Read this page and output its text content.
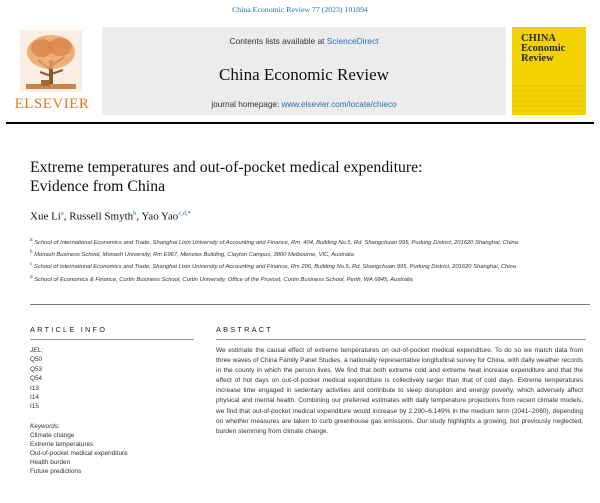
China Economic Review 77 (2023) 101894
ELSEVIER
Contents lists available at ScienceDirect
China Economic Review
journal homepage: www.elsevier.com/locate/chieco
CHINA
Economic
Review
Extreme temperatures and out-of-pocket medical expenditure:
Evidence from China
Xue Li$^a$, Russell Smyth$^b$, Yao Yao$^{c,d,*}$
$^a$ School of International Economics and Trade, Shanghai Lixin University of Accounting and Finance, Rm. 404, Building No.5, Rd. Shangchuan 995, Pudong District, 201620 Shanghai, China
$^b$ Monash Business School, Monash University, Rm E967, Menzies Building, Clayton Campus, 3800 Melbourne, VIC, Australia
$^c$ School of International Economics and Trade, Shanghai Lixin University of Accounting and Finance, Rm 206, Building No.5, Rd. Shangchuan 995, Pudong District, 201620 Shanghai, China
$^d$ School of Economics & Finance, Curtin Business School, Curtin University, Office of the Provost, Curtin Business School, Perth, WA 6845, Australia
ARTICLE INFO
JEL:
Q50
Q53
Q54
I13
I14
I15
Keywords:
Climate change
Extreme temperatures
Out-of-pocket medical expenditure
Health burden
Future predictions
ABSTRACT
We estimate the causal effect of extreme temperatures on out-of-pocket medical expenditure. To do so we match data from three waves of China Family Panel Studies, a nationally representative longitudinal survey for China, with daily weather records in the county in which the person lives. We find that both extreme cold and extreme heat increase expenditure and that the effect of hot days on out-of-pocket medical expenditure is collectively larger than that of cold days. Extreme temperatures increase time engaged in sedentary activities and contribute to sleep disruption and energy poverty, which adversely affect physical and mental health. Combining our preferred estimates with daily temperature projections from recent climate models, we find that out-of-pocket medical expenditure would increase by 2.290–6.149% in the medium term (2041–2060), depending on whether measures are taken to curb greenhouse gas emissions. Our study highlights a growing, but previously neglected, burden stemming from climate change.
